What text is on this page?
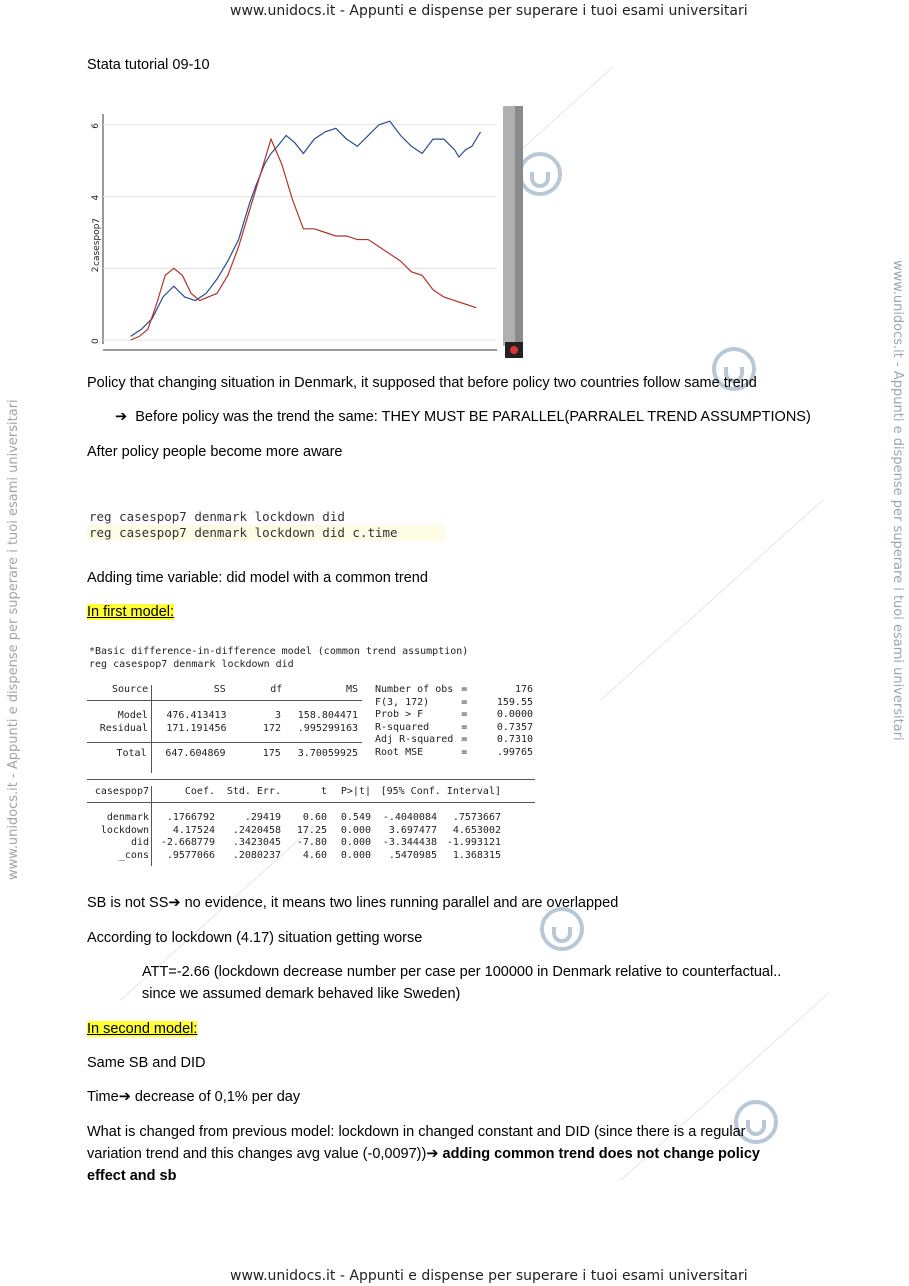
www.unidocs.it - Appunti e dispense per superare i tuoi esami universitari
www.unidocs.it - Appunti e dispense per superare i tuoi esami universitari
www.unidocs.it - Appunti e dispense per superare i tuoi esami universitari	www.unidocs.it - Appunti e dispense per superare i tuoi esami universitari
Stata tutorial 09-10
0
2
4
6
casespop7
Policy that changing situation in Denmark, it supposed that before policy two countries follow same trend
➔ Before policy was the trend the same: THEY MUST BE PARALLEL(PARRALEL TREND ASSUMPTIONS)
After policy people become more aware
reg casespop7 denmark lockdown did
reg casespop7 denmark lockdown did c.time
Adding time variable: did model with a common trend
In first model:
*Basic difference-in-difference model (common trend assumption)
reg casespop7 denmark lockdown did
Source	SS	df	MS
Model	476.413413	3	158.804471
Residual	171.191456	172	.995299163
Total	647.604869	175	3.70059925
Number of obs	=	176
F(3, 172)	=	159.55
Prob > F	=	0.0000
R-squared	=	0.7357
Adj R-squared	=	0.7310
Root MSE	=	.99765
casespop7	Coef.	Std. Err.	t	P>|t|	[95% Conf. Interval]
denmark	.1766792	.29419	0.60	0.549	-.4040084	.7573667
lockdown	4.17524	.2420458	17.25	0.000	3.697477	4.653002
did	-2.668779	.3423045	-7.80	0.000	-3.344438	-1.993121
_cons	.9577066	.2080237	4.60	0.000	.5470985	1.368315
SB is not SS➔ no evidence, it means two lines running parallel and are overlapped
According to lockdown (4.17) situation getting worse
ATT=-2.66 (lockdown decrease number per case per 100000 in Denmark relative to counterfactual..
since we assumed demark behaved like Sweden)
In second model:
Same SB and DID
Time➔ decrease of 0,1% per day
What is changed from previous model: lockdown in changed constant and DID (since there is a regular
variation trend and this changes avg value (-0,0097))➔ adding common trend does not change policy
effect and sb
